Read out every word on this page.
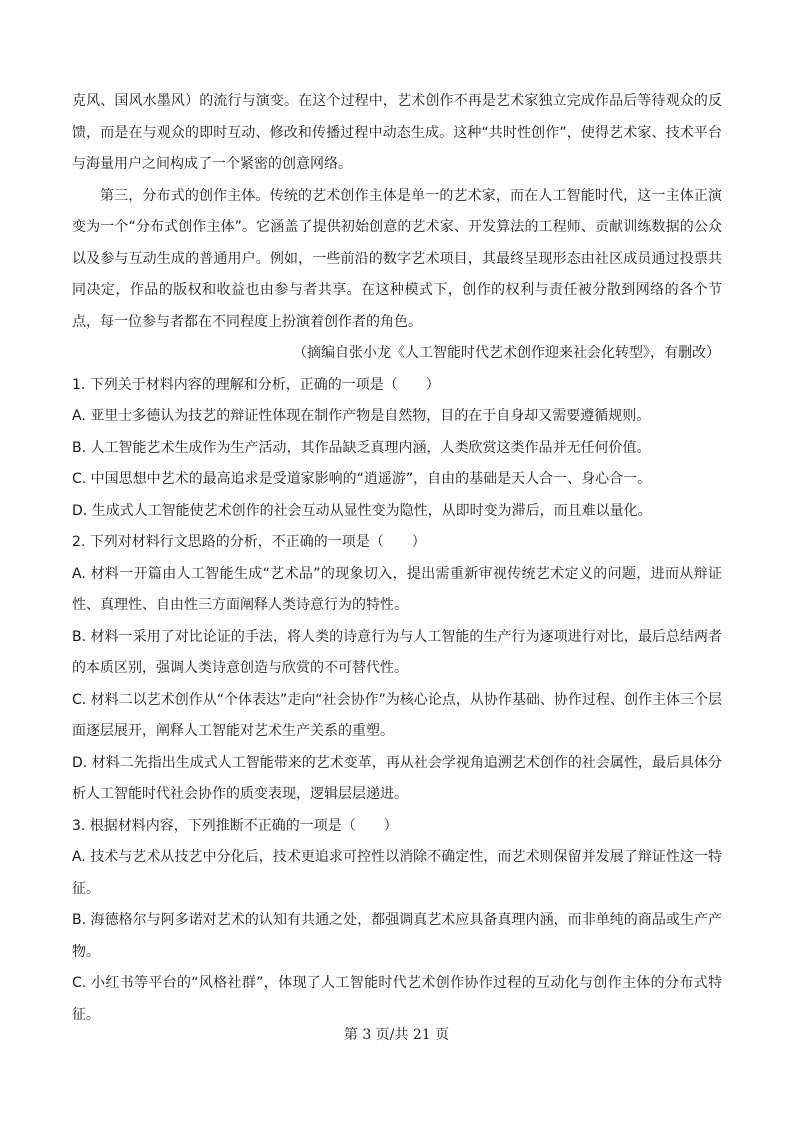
克风、国风水墨风）的流行与演变。在这个过程中，艺术创作不再是艺术家独立完成作品后等待观众的反馈，而是在与观众的即时互动、修改和传播过程中动态生成。这种“共时性创作”，使得艺术家、技术平台与海量用户之间构成了一个紧密的创意网络。

第三，分布式的创作主体。传统的艺术创作主体是单一的艺术家，而在人工智能时代，这一主体正演变为一个“分布式创作主体”。它涵盖了提供初始创意的艺术家、开发算法的工程师、贡献训练数据的公众以及参与互动生成的普通用户。例如，一些前沿的数字艺术项目，其最终呈现形态由社区成员通过投票共同决定，作品的版权和收益也由参与者共享。在这种模式下，创作的权利与责任被分散到网络的各个节点，每一位参与者都在不同程度上扮演着创作者的角色。

（摘编自张小龙《人工智能时代艺术创作迎来社会化转型》，有删改）

1. 下列关于材料内容的理解和分析，正确的一项是（　　）

A. 亚里士多德认为技艺的辩证性体现在制作产物是自然物，目的在于自身却又需要遵循规则。

B. 人工智能艺术生成作为生产活动，其作品缺乏真理内涵，人类欣赏这类作品并无任何价值。

C. 中国思想中艺术的最高追求是受道家影响的“逍遥游”，自由的基础是天人合一、身心合一。

D. 生成式人工智能使艺术创作的社会互动从显性变为隐性，从即时变为滞后，而且难以量化。

2. 下列对材料行文思路的分析，不正确的一项是（　　）

A. 材料一开篇由人工智能生成“艺术品”的现象切入，提出需重新审视传统艺术定义的问题，进而从辩证性、真理性、自由性三方面阐释人类诗意行为的特性。

B. 材料一采用了对比论证的手法，将人类的诗意行为与人工智能的生产行为逐项进行对比，最后总结两者的本质区别，强调人类诗意创造与欣赏的不可替代性。

C. 材料二以艺术创作从“个体表达”走向“社会协作”为核心论点，从协作基础、协作过程、创作主体三个层面逐层展开，阐释人工智能对艺术生产关系的重塑。

D. 材料二先指出生成式人工智能带来的艺术变革，再从社会学视角追溯艺术创作的社会属性，最后具体分析人工智能时代社会协作的质变表现，逻辑层层递进。

3. 根据材料内容，下列推断不正确的一项是（　　）

A. 技术与艺术从技艺中分化后，技术更追求可控性以消除不确定性，而艺术则保留并发展了辩证性这一特征。

B. 海德格尔与阿多诺对艺术的认知有共通之处，都强调真艺术应具备真理内涵，而非单纯的商品或生产产物。

C. 小红书等平台的“风格社群”，体现了人工智能时代艺术创作协作过程的互动化与创作主体的分布式特征。

第 3 页/共 21 页
